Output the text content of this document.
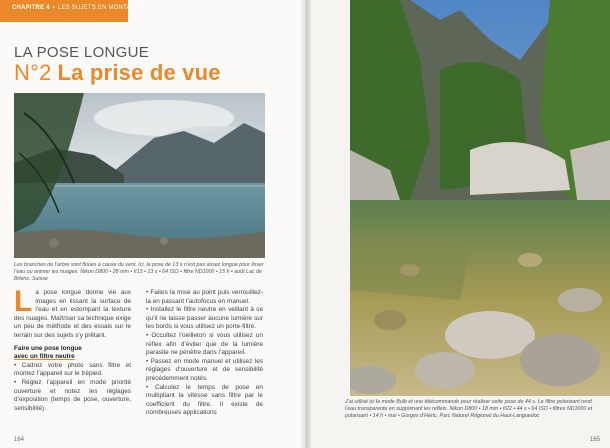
CHAPITRE 4 • LES SUJETS EN MONTAGNE
LA POSE LONGUE
N°2 La prise de vue
Les branches de l’arbre sont floues à cause du vent. Ici, la pose de 13 s n’est pas assez longue pour lisser l’eau ou animer les nuages. Nikon D800 • 28 mm • f/13 • 13 s • 64 ISO • filtre ND1000 • 15 h • août Lac de Brienz, Suisse
La pose longue donne vie aux images en lissant la surface de l’eau et en estompant la texture des nuages. Maîtriser sa technique exige un peu de méthode et des essais sur le terrain sur des sujets s’y prêtant.
Faire une pose longue
avec un filtre neutre
• Cadrez votre photo sans filtre et montez l’appareil sur le trépied.
• Réglez l’appareil en mode priorité ouverture et notez les réglages d’exposition (temps de pose, ouverture, sensibilité).
• Faites la mise au point puis verrouillez-la en passant l’autofocus en manuel.
• Installez le filtre neutre en veillant à ce qu’il ne laisse passer aucune lumière sur les bords si vous utilisez un porte-filtre.
• Occultez l’oeilleton si vous utilisez un réflex afin d’éviter que de la lumière parasite ne pénètre dans l’appareil.
• Passez en mode manuel et utilisez les réglages d’ouverture et de sensibilité précédemment notés.
• Calculez le temps de pose en multipliant la vitesse sans filtre par le coefficient du filtre. Il existe de nombreuses applications
164
J’ai utilisé ici le mode Bulb et une télécommande pour réaliser cette pose de 44 s. Le filtre polarisant rend l’eau transparente en supprimant les reflets. Nikon D800 • 18 mm • f/22 • 44 s • 64 ISO • filtres ND1000 et polarisant • 14 h • mai • Gorges d’Héric, Parc Naturel Régional du Haut-Languedoc
165
